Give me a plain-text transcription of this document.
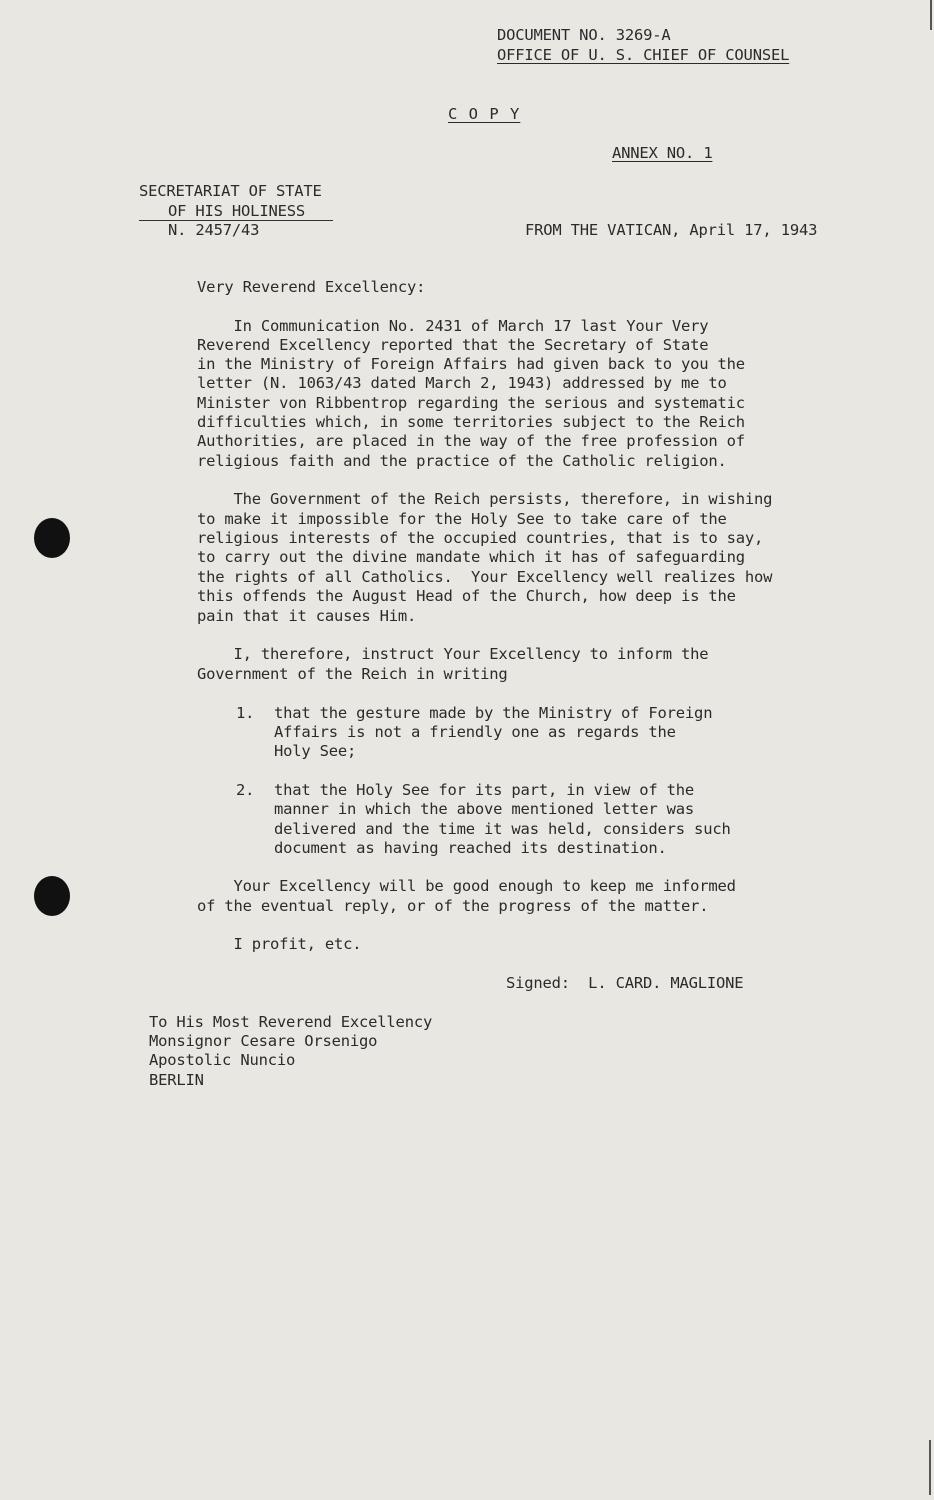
DOCUMENT NO. 3269-A
OFFICE OF U. S. CHIEF OF COUNSEL
C O P Y
ANNEX NO. 1
SECRETARIAT OF STATE
OF HIS HOLINESS
N. 2457/43	FROM THE VATICAN, April 17, 1943
Very Reverend Excellency:
In Communication No. 2431 of March 17 last Your Very
Reverend Excellency reported that the Secretary of State
in the Ministry of Foreign Affairs had given back to you the
letter (N. 1063/43 dated March 2, 1943) addressed by me to
Minister von Ribbentrop regarding the serious and systematic
difficulties which, in some territories subject to the Reich
Authorities, are placed in the way of the free profession of
religious faith and the practice of the Catholic religion.
The Government of the Reich persists, therefore, in wishing
to make it impossible for the Holy See to take care of the
religious interests of the occupied countries, that is to say,
to carry out the divine mandate which it has of safeguarding
the rights of all Catholics.  Your Excellency well realizes how
this offends the August Head of the Church, how deep is the
pain that it causes Him.
I, therefore, instruct Your Excellency to inform the
Government of the Reich in writing
1. that the gesture made by the Ministry of Foreign
Affairs is not a friendly one as regards the
Holy See;
2. that the Holy See for its part, in view of the
manner in which the above mentioned letter was
delivered and the time it was held, considers such
document as having reached its destination.
Your Excellency will be good enough to keep me informed
of the eventual reply, or of the progress of the matter.
I profit, etc.
Signed:  L. CARD. MAGLIONE
To His Most Reverend Excellency
Monsignor Cesare Orsenigo
Apostolic Nuncio
BERLIN
